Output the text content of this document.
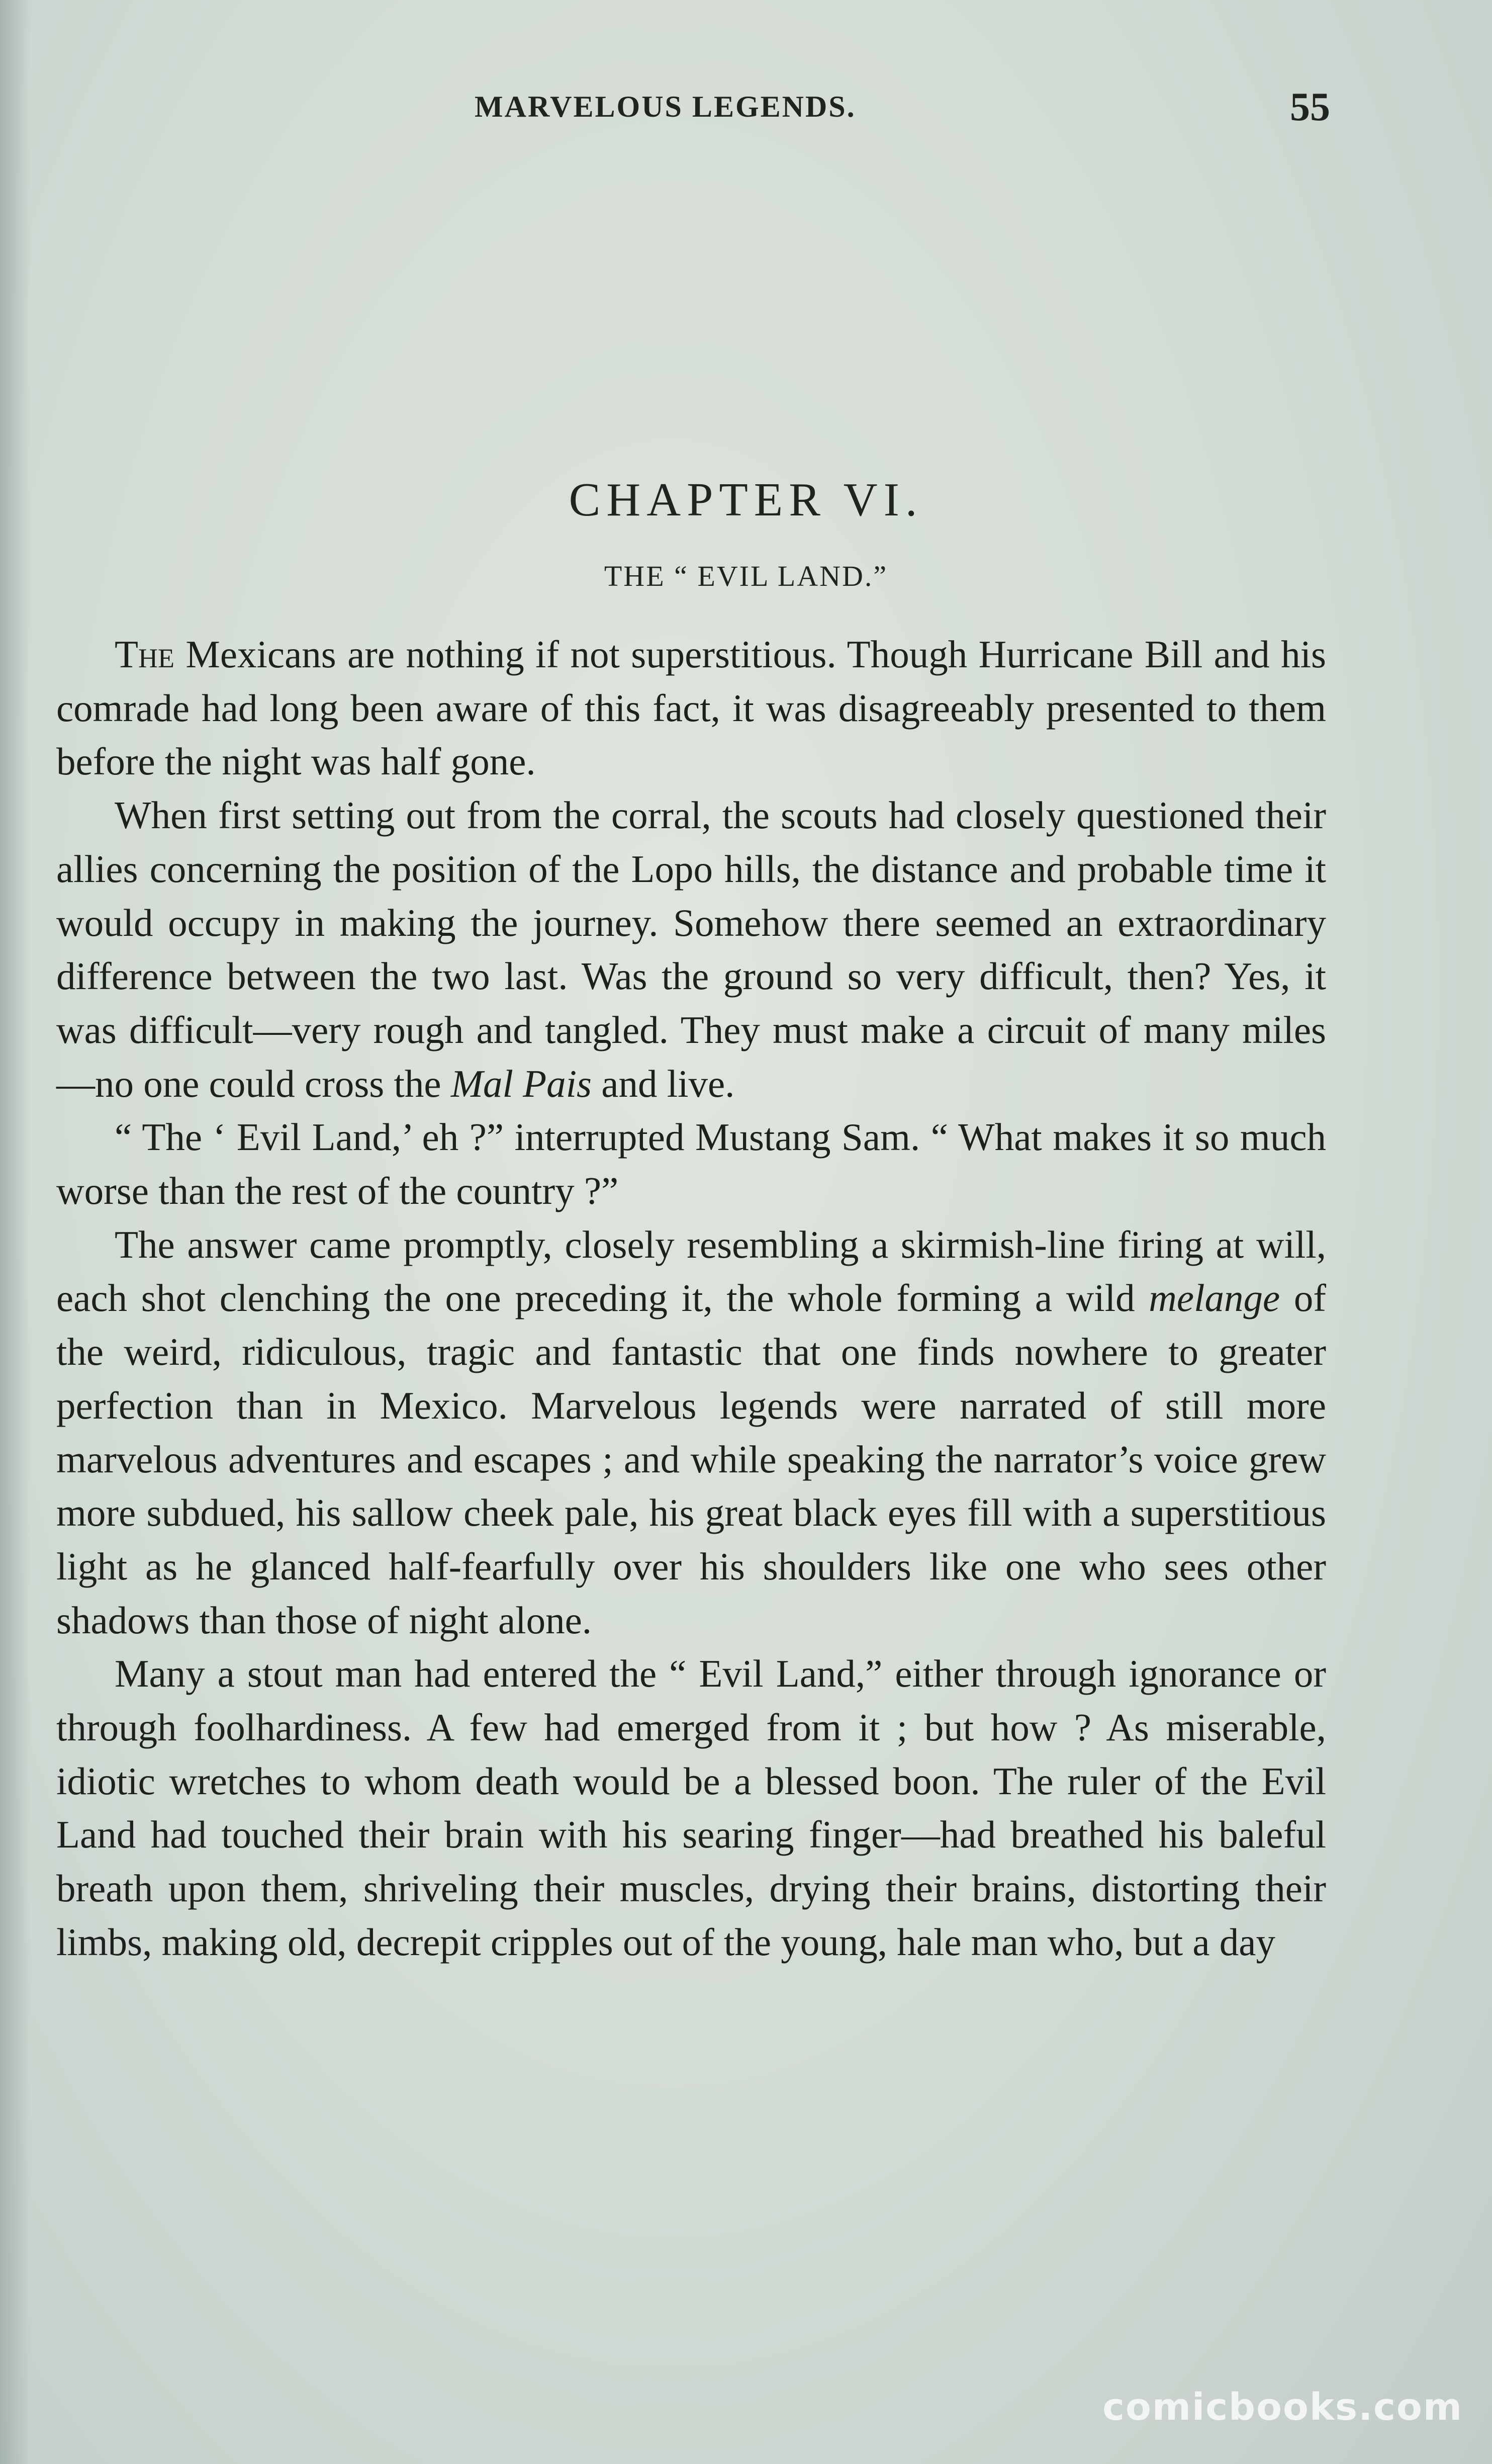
MARVELOUS LEGENDS.	55
CHAPTER VI.
THE “ EVIL LAND.”

The Mexicans are nothing if not superstitious. Though Hurricane Bill and his comrade had long been aware of this fact, it was disagreeably presented to them before the night was half gone.

When first setting out from the corral, the scouts had closely questioned their allies concerning the position of the Lopo hills, the distance and probable time it would occupy in making the journey. Somehow there seemed an extraordinary difference between the two last. Was the ground so very difficult, then? Yes, it was difficult—very rough and tangled. They must make a circuit of many miles—no one could cross the Mal Pais and live.

“ The ‘ Evil Land,’ eh ?” interrupted Mustang Sam. “ What makes it so much worse than the rest of the country ?”

The answer came promptly, closely resembling a skirmish-line firing at will, each shot clenching the one preceding it, the whole forming a wild melange of the weird, ridiculous, tragic and fantastic that one finds nowhere to greater perfection than in Mexico. Marvelous legends were narrated of still more marvelous adventures and escapes ; and while speaking the narrator’s voice grew more subdued, his sallow cheek pale, his great black eyes fill with a superstitious light as he glanced half-fearfully over his shoulders like one who sees other shadows than those of night alone.

Many a stout man had entered the “ Evil Land,” either through ignorance or through foolhardiness. A few had emerged from it ; but how ? As miserable, idiotic wretches to whom death would be a blessed boon. The ruler of the Evil Land had touched their brain with his searing finger—had breathed his baleful breath upon them, shriveling their muscles, drying their brains, distorting their limbs, making old, decrepit cripples out of the young, hale man who, but a day

comicbooks.com
